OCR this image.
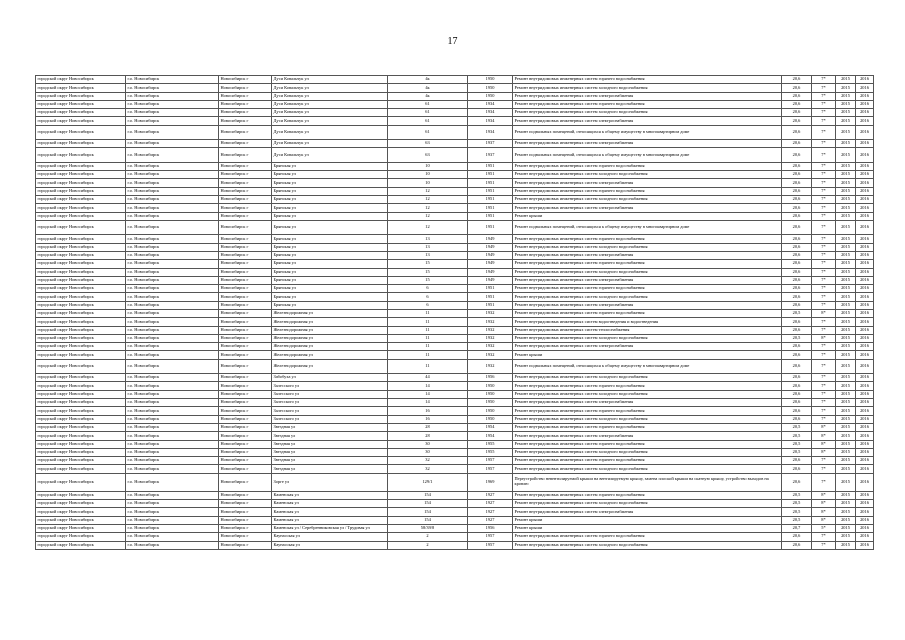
17
городской округ Новосибирск	г.о. Новосибирск	Новосибирск г	Дуси Ковальчук ул	4к	1950	Ремонт внутридомовых инженерных систем горячего водоснабжения	20,6	7*	2015	2016
городской округ Новосибирск	г.о. Новосибирск	Новосибирск г	Дуси Ковальчук ул	4к	1950	Ремонт внутридомовых инженерных систем холодного водоснабжения	20,6	7*	2015	2016
городской округ Новосибирск	г.о. Новосибирск	Новосибирск г	Дуси Ковальчук ул	4к	1950	Ремонт внутридомовых инженерных систем электроснабжения	20,6	7*	2015	2016
городской округ Новосибирск	г.о. Новосибирск	Новосибирск г	Дуси Ковальчук ул	61	1934	Ремонт внутридомовых инженерных систем горячего водоснабжения	20,6	7*	2015	2016
городской округ Новосибирск	г.о. Новосибирск	Новосибирск г	Дуси Ковальчук ул	61	1934	Ремонт внутридомовых инженерных систем холодного водоснабжения	20,6	7*	2015	2016
городской округ Новосибирск	г.о. Новосибирск	Новосибирск г	Дуси Ковальчук ул	61	1934	Ремонт внутридомовых инженерных систем электроснабжения	20,6	7*	2015	2016
городской округ Новосибирск	г.о. Новосибирск	Новосибирск г	Дуси Ковальчук ул	61	1934	Ремонт подвальных помещений, относящихся к общему имуществу в многоквартирном доме	20,6	7*	2015	2016
городской округ Новосибирск	г.о. Новосибирск	Новосибирск г	Дуси Ковальчук ул	63	1937	Ремонт внутридомовых инженерных систем электроснабжения	20,6	7*	2015	2016
городской округ Новосибирск	г.о. Новосибирск	Новосибирск г	Дуси Ковальчук ул	63	1937	Ремонт подвальных помещений, относящихся к общему имуществу в многоквартирном доме	20,6	7*	2015	2016
городской округ Новосибирск	г.о. Новосибирск	Новосибирск г	Брянская ул	10	1951	Ремонт внутридомовых инженерных систем горячего водоснабжения	20,6	7*	2015	2016
городской округ Новосибирск	г.о. Новосибирск	Новосибирск г	Брянская ул	10	1951	Ремонт внутридомовых инженерных систем холодного водоснабжения	20,6	7*	2015	2016
городской округ Новосибирск	г.о. Новосибирск	Новосибирск г	Брянская ул	10	1951	Ремонт внутридомовых инженерных систем электроснабжения	20,6	7*	2015	2016
городской округ Новосибирск	г.о. Новосибирск	Новосибирск г	Брянская ул	12	1951	Ремонт внутридомовых инженерных систем горячего водоснабжения	20,6	7*	2015	2016
городской округ Новосибирск	г.о. Новосибирск	Новосибирск г	Брянская ул	12	1951	Ремонт внутридомовых инженерных систем холодного водоснабжения	20,6	7*	2015	2016
городской округ Новосибирск	г.о. Новосибирск	Новосибирск г	Брянская ул	12	1951	Ремонт внутридомовых инженерных систем электроснабжения	20,6	7*	2015	2016
городской округ Новосибирск	г.о. Новосибирск	Новосибирск г	Брянская ул	12	1951	Ремонт крыши	20,6	7*	2015	2016
городской округ Новосибирск	г.о. Новосибирск	Новосибирск г	Брянская ул	12	1951	Ремонт подвальных помещений, относящихся к общему имуществу в многоквартирном доме	20,6	7*	2015	2016
городской округ Новосибирск	г.о. Новосибирск	Новосибирск г	Брянская ул	13	1949	Ремонт внутридомовых инженерных систем горячего водоснабжения	20,6	7*	2015	2016
городской округ Новосибирск	г.о. Новосибирск	Новосибирск г	Брянская ул	13	1949	Ремонт внутридомовых инженерных систем холодного водоснабжения	20,6	7*	2015	2016
городской округ Новосибирск	г.о. Новосибирск	Новосибирск г	Брянская ул	13	1949	Ремонт внутридомовых инженерных систем электроснабжения	20,6	7*	2015	2016
городской округ Новосибирск	г.о. Новосибирск	Новосибирск г	Брянская ул	15	1949	Ремонт внутридомовых инженерных систем горячего водоснабжения	20,6	7*	2015	2016
городской округ Новосибирск	г.о. Новосибирск	Новосибирск г	Брянская ул	15	1949	Ремонт внутридомовых инженерных систем холодного водоснабжения	20,6	7*	2015	2016
городской округ Новосибирск	г.о. Новосибирск	Новосибирск г	Брянская ул	15	1949	Ремонт внутридомовых инженерных систем электроснабжения	20,6	7*	2015	2016
городской округ Новосибирск	г.о. Новосибирск	Новосибирск г	Брянская ул	6	1951	Ремонт внутридомовых инженерных систем горячего водоснабжения	20,6	7*	2015	2016
городской округ Новосибирск	г.о. Новосибирск	Новосибирск г	Брянская ул	6	1951	Ремонт внутридомовых инженерных систем холодного водоснабжения	20,6	7*	2015	2016
городской округ Новосибирск	г.о. Новосибирск	Новосибирск г	Брянская ул	6	1951	Ремонт внутридомовых инженерных систем электроснабжения	20,6	7*	2015	2016
городской округ Новосибирск	г.о. Новосибирск	Новосибирск г	Железнодорожная ул	11	1932	Ремонт внутридомовых инженерных систем горячего водоснабжения	20,5	8*	2015	2016
городской округ Новосибирск	г.о. Новосибирск	Новосибирск г	Железнодорожная ул	11	1932	Ремонт внутридомовых инженерных систем водоотведения и водоотведения	20,6	7*	2015	2016
городской округ Новосибирск	г.о. Новосибирск	Новосибирск г	Железнодорожная ул	11	1932	Ремонт внутридомовых инженерных систем теплоснабжения	20,6	7*	2015	2016
городской округ Новосибирск	г.о. Новосибирск	Новосибирск г	Железнодорожная ул	11	1932	Ремонт внутридомовых инженерных систем холодного водоснабжения	20,5	8*	2015	2016
городской округ Новосибирск	г.о. Новосибирск	Новосибирск г	Железнодорожная ул	11	1932	Ремонт внутридомовых инженерных систем электроснабжения	20,6	7*	2015	2016
городской округ Новосибирск	г.о. Новосибирск	Новосибирск г	Железнодорожная ул	11	1932	Ремонт крыши	20,6	7*	2015	2016
городской округ Новосибирск	г.о. Новосибирск	Новосибирск г	Железнодорожная ул	11	1932	Ремонт подвальных помещений, относящихся к общему имуществу в многоквартирном доме	20,6	7*	2015	2016
городской округ Новосибирск	г.о. Новосибирск	Новосибирск г	Забобуха ул	44	1956	Ремонт внутридомовых инженерных систем холодного водоснабжения	20,6	7*	2015	2016
городской округ Новосибирск	г.о. Новосибирск	Новосибирск г	Залесского ул	14	1950	Ремонт внутридомовых инженерных систем горячего водоснабжения	20,6	7*	2015	2016
городской округ Новосибирск	г.о. Новосибирск	Новосибирск г	Залесского ул	14	1950	Ремонт внутридомовых инженерных систем холодного водоснабжения	20,6	7*	2015	2016
городской округ Новосибирск	г.о. Новосибирск	Новосибирск г	Залесского ул	14	1950	Ремонт внутридомовых инженерных систем электроснабжения	20,6	7*	2015	2016
городской округ Новосибирск	г.о. Новосибирск	Новосибирск г	Залесского ул	16	1950	Ремонт внутридомовых инженерных систем горячего водоснабжения	20,6	7*	2015	2016
городской округ Новосибирск	г.о. Новосибирск	Новосибирск г	Залесского ул	16	1950	Ремонт внутридомовых инженерных систем холодного водоснабжения	20,6	7*	2015	2016
городской округ Новосибирск	г.о. Новосибирск	Новосибирск г	Звездная ул	28	1954	Ремонт внутридомовых инженерных систем горячего водоснабжения	20,5	8*	2015	2016
городской округ Новосибирск	г.о. Новосибирск	Новосибирск г	Звездная ул	28	1954	Ремонт внутридомовых инженерных систем электроснабжения	20,5	8*	2015	2016
городской округ Новосибирск	г.о. Новосибирск	Новосибирск г	Звездная ул	30	1955	Ремонт внутридомовых инженерных систем горячего водоснабжения	20,5	8*	2015	2016
городской округ Новосибирск	г.о. Новосибирск	Новосибирск г	Звездная ул	30	1955	Ремонт внутридомовых инженерных систем холодного водоснабжения	20,5	8*	2015	2016
городской округ Новосибирск	г.о. Новосибирск	Новосибирск г	Звездная ул	32	1957	Ремонт внутридомовых инженерных систем горячего водоснабжения	20,6	7*	2015	2016
городской округ Новосибирск	г.о. Новосибирск	Новосибирск г	Звездная ул	32	1957	Ремонт внутридомовых инженерных систем холодного водоснабжения	20,6	7*	2015	2016
городской округ Новосибирск	г.о. Новосибирск	Новосибирск г	Зорге ул	129/1	1969	Переустройство невентилируемой крыши на вентилируемую крышу, замена плоской крыши на скатную крышу, устройство выходов на кровлю	20,6	7*	2015	2016
городской округ Новосибирск	г.о. Новосибирск	Новосибирск г	Каменская ул	154	1927	Ремонт внутридомовых инженерных систем горячего водоснабжения	20,5	8*	2015	2016
городской округ Новосибирск	г.о. Новосибирск	Новосибирск г	Каменская ул	154	1927	Ремонт внутридомовых инженерных систем холодного водоснабжения	20,5	8*	2015	2016
городской округ Новосибирск	г.о. Новосибирск	Новосибирск г	Каменская ул	154	1927	Ремонт внутридомовых инженерных систем электроснабжения	20,5	8*	2015	2016
городской округ Новосибирск	г.о. Новосибирск	Новосибирск г	Каменская ул	154	1927	Ремонт крыши	20,5	8*	2015	2016
городской округ Новосибирск	г.о. Новосибирск	Новосибирск г	Каменская ул / Серебренниковская ул / Трудовая ул	58/39/8	1956	Ремонт крыши	20,7	5*	2015	2016
городской округ Новосибирск	г.о. Новосибирск	Новосибирск г	Каунасская ул	2	1957	Ремонт внутридомовых инженерных систем горячего водоснабжения	20,6	7*	2015	2016
городской округ Новосибирск	г.о. Новосибирск	Новосибирск г	Каунасская ул	2	1957	Ремонт внутридомовых инженерных систем холодного водоснабжения	20,6	7*	2015	2016
